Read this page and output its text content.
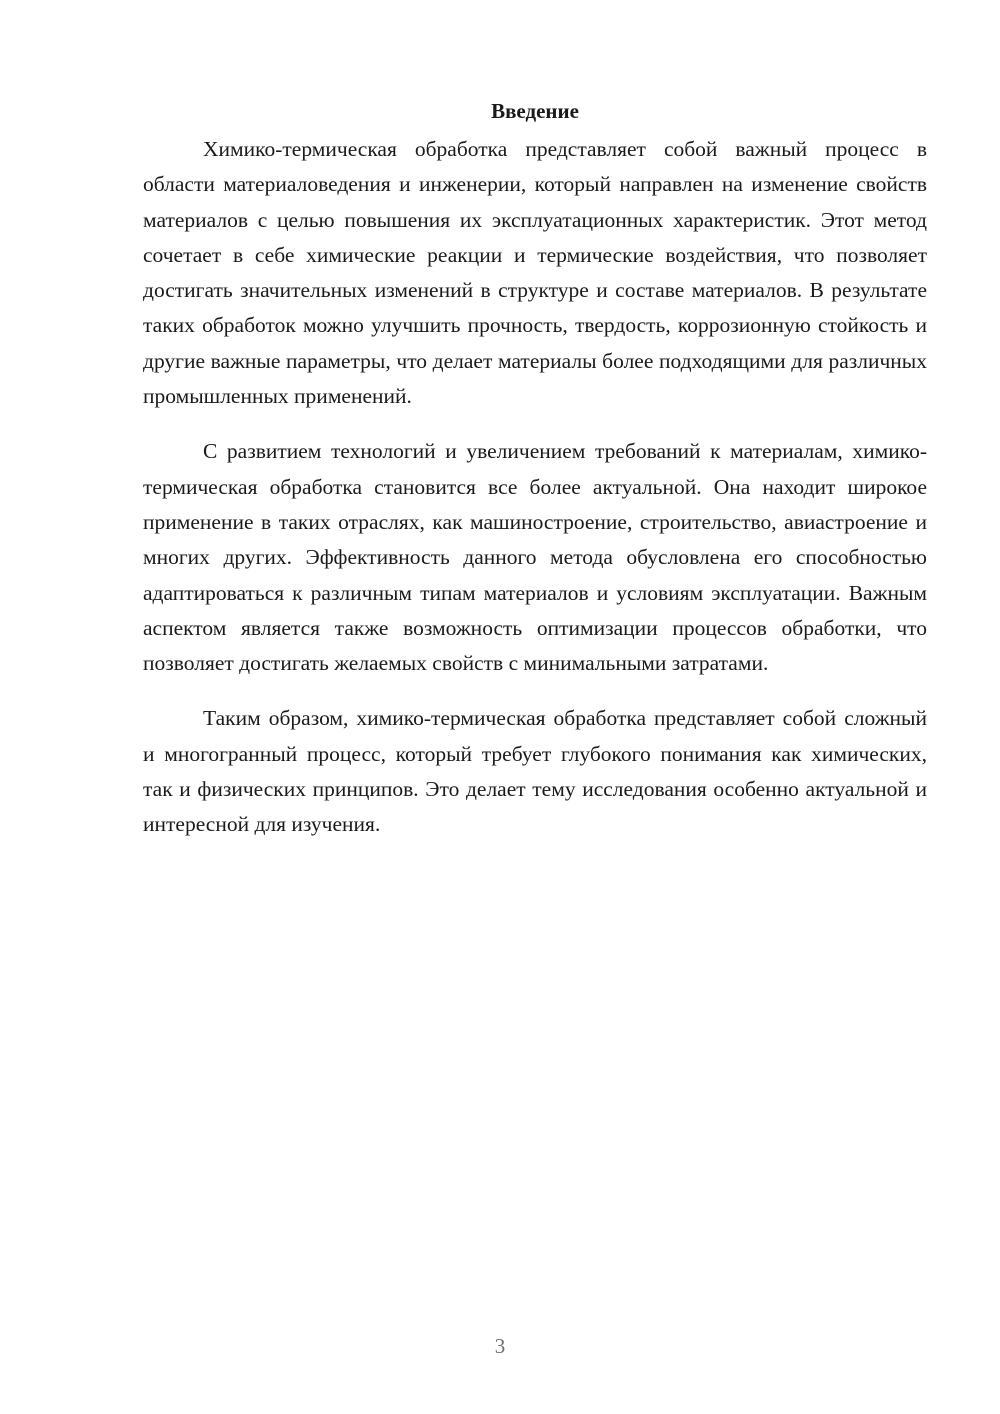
Введение

Химико-термическая обработка представляет собой важный процесс в области материаловедения и инженерии, который направлен на изменение свойств материалов с целью повышения их эксплуатационных характеристик. Этот метод сочетает в себе химические реакции и термические воздействия, что позволяет достигать значительных изменений в структуре и составе материалов. В результате таких обработок можно улучшить прочность, твердость, коррозионную стойкость и другие важные параметры, что делает материалы более подходящими для различных промышленных применений.

С развитием технологий и увеличением требований к материалам, химико-термическая обработка становится все более актуальной. Она находит широкое применение в таких отраслях, как машиностроение, строительство, авиастроение и многих других. Эффективность данного метода обусловлена его способностью адаптироваться к различным типам материалов и условиям эксплуатации. Важным аспектом является также возможность оптимизации процессов обработки, что позволяет достигать желаемых свойств с минимальными затратами.

Таким образом, химико-термическая обработка представляет собой сложный и многогранный процесс, который требует глубокого понимания как химических, так и физических принципов. Это делает тему исследования особенно актуальной и интересной для изучения.

3
